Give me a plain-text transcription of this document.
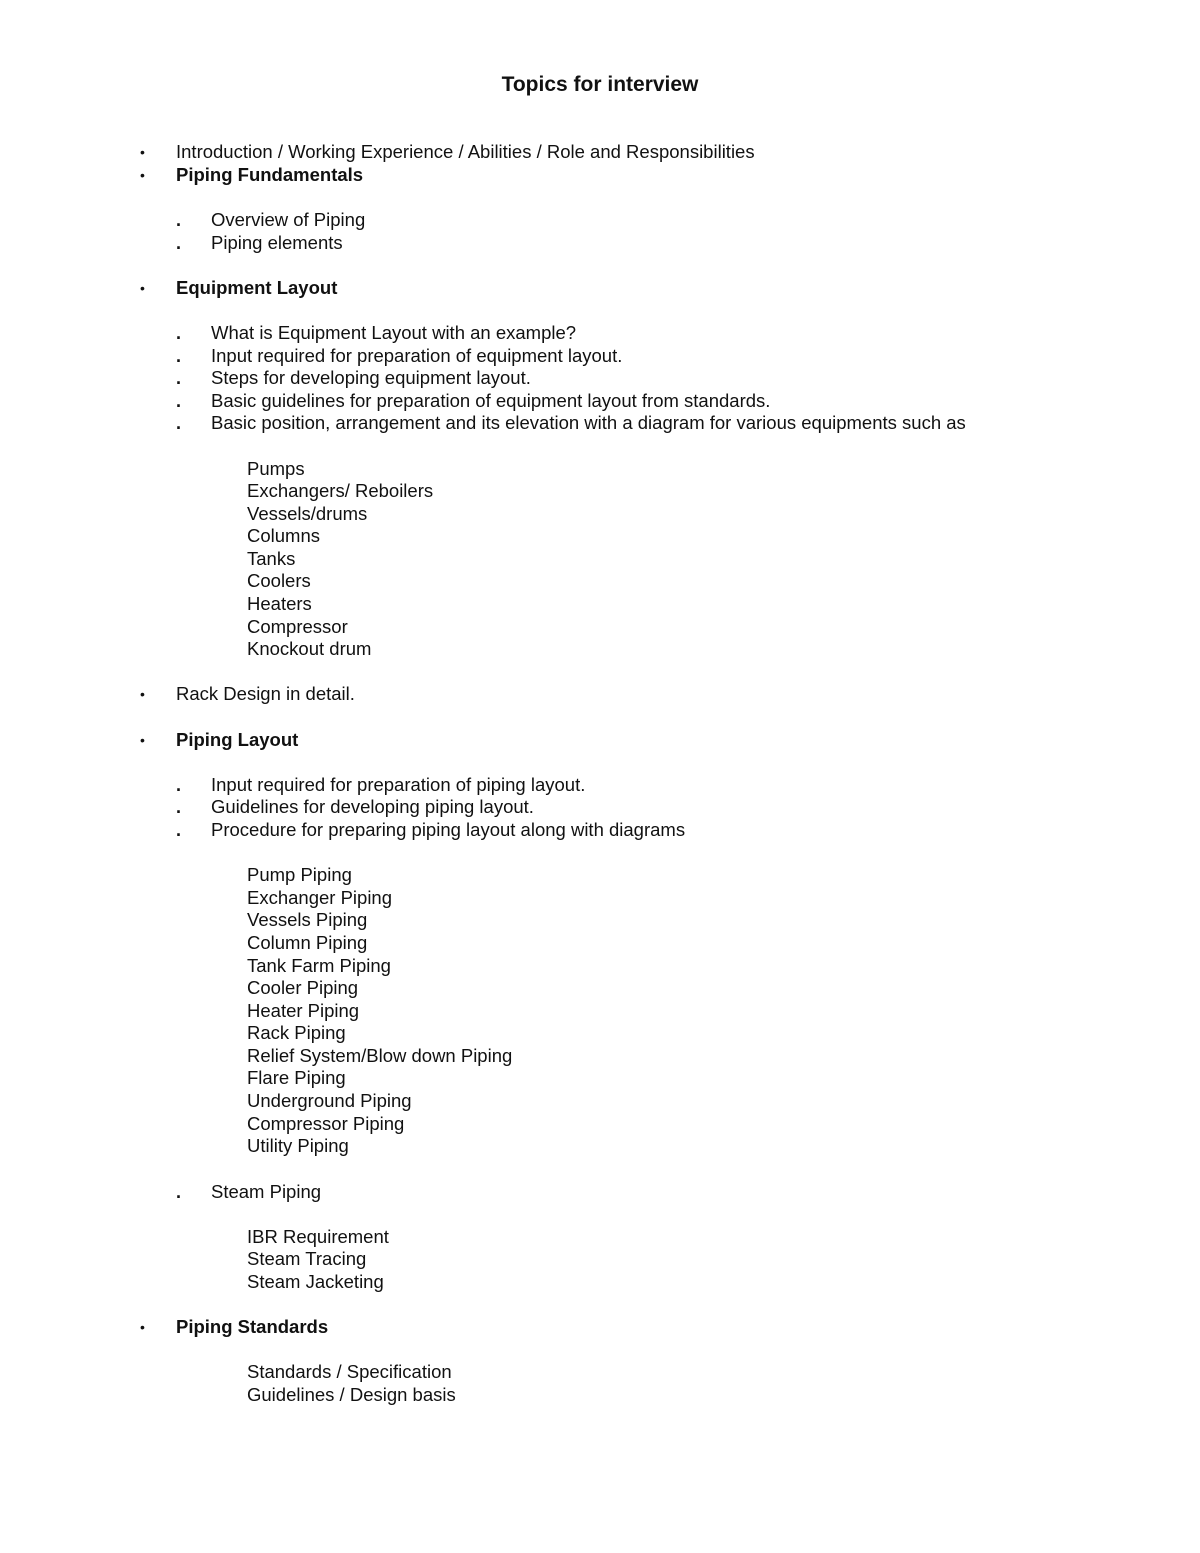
Topics for interview
• Introduction / Working Experience / Abilities / Role and Responsibilities
• Piping Fundamentals
. Overview of Piping
. Piping elements
• Equipment Layout
. What is Equipment Layout with an example?
. Input required for preparation of equipment layout.
. Steps for developing equipment layout.
. Basic guidelines for preparation of equipment layout from standards.
. Basic position, arrangement and its elevation with a diagram for various equipments such as
Pumps
Exchangers/ Reboilers
Vessels/drums
Columns
Tanks
Coolers
Heaters
Compressor
Knockout drum
• Rack Design in detail.
• Piping Layout
. Input required for preparation of piping layout.
. Guidelines for developing piping layout.
. Procedure for preparing piping layout along with diagrams
Pump Piping
Exchanger Piping
Vessels Piping
Column Piping
Tank Farm Piping
Cooler Piping
Heater Piping
Rack Piping
Relief System/Blow down Piping
Flare Piping
Underground Piping
Compressor Piping
Utility Piping
. Steam Piping
IBR Requirement
Steam Tracing
Steam Jacketing
• Piping Standards
Standards / Specification
Guidelines / Design basis
